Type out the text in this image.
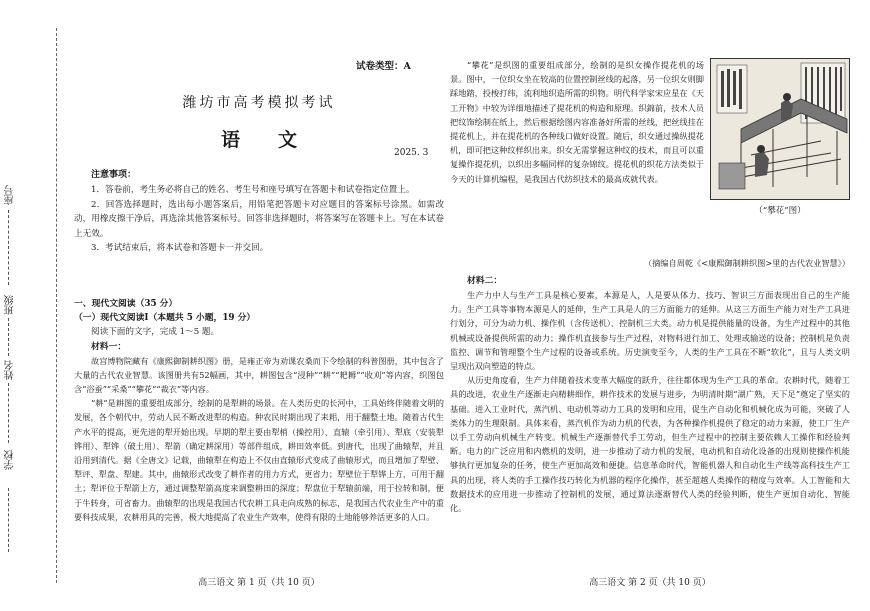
学校
姓名
班级
座号
试卷类型：A
潍坊市高考模拟考试
语　　文
2025. 3
注意事项：

1．答卷前，考生务必将自己的姓名、考生号和座号填写在答题卡和试卷指定位置上。

2．回答选择题时，选出每小题答案后，用铅笔把答题卡对应题目的答案标号涂黑。如需改动，用橡皮擦干净后，再选涂其他答案标号。回答非选择题时，将答案写在答题卡上。写在本试卷上无效。

3．考试结束后，将本试卷和答题卡一并交回。

一、现代文阅读（35 分）
（一）现代文阅读Ⅰ（本题共 5 小题，19 分）

阅读下面的文字，完成 1～5 题。

材料一：

故宫博物院藏有《康熙御制耕织图》册，是雍正帝为劝课农桑而下令绘制的科普图册，其中包含了大量的古代农业智慧。该图册共有52幅画，其中，耕图包含“浸种”“耕”“耙耨”“收刈”等内容，织图包含“浴蚕”“采桑”“攀花”“裁衣”等内容。

“耕”是耕图的重要组成部分，绘制的是犁耕的场景。在人类历史的长河中，工具始终伴随着文明的发展，各个朝代中，劳动人民不断改进犁的构造。种农民时期出现了耒耜，用于翻整土地。随着古代生产水平的提高，更先进的犁开始出现。早期的犁主要由犁梢（操控用）、直辕（牵引用）、犁底（安装犁铧用）、犁铧（破土用）、犁箭（确定耕深用）等部件组成，耕田效率低。到唐代，出现了曲辕犁，并且沿用到清代。据《全唐文》记载，曲辕犁在构造上不仅由直辕形式变成了曲辕形式，而且增加了犁壁、犁评、犁盘、犁建。其中，曲辕形式改变了耕作者的用力方式，更省力；犁壁位于犁铧上方，可用于翻土；犁评位于犁箭上方，通过调整犁箭高度来调整耕田的深度；犁盘位于犁辕前端，用于拉转和制，便于牛转身，可省畜力。曲辕犁的出现是我国古代农耕工具走向成熟的标志，是我国古代农业生产中的重要科技成果，农耕用具的完善，极大地提高了农业生产效率，使得有限的土地能够养活更多的人口。

高三语文 第 1 页（共 10 页）
（“攀花”图）

“攀花”是织图的重要组成部分，绘制的是织女操作提花机的场景。图中，一位织女坐在较高的位置控制丝线的起落，另一位织女则脚踩地踏，投梭打纬，流利地织造所需的织物。明代科学家宋应星在《天工开物》中较为详细地描述了提花机的构造和原理。织錦前，技术人员把纹饰绘制在纸上，然后根据绘图内容准备好所需的丝线，把丝线挂在提花机上，并在提花机的各种线口做好设置。随后，织女通过操纵提花机，即可把这种纹样织出来。织女无需掌握这种纹的技术，而且可以重复操作提花机，以织出多幅同样的复杂锦纹。提花机的织花方法类似于今天的计算机编程，是我国古代纺织技术的最高成就代表。

（摘编自周乾《<康熙御制耕织图>里的古代农业智慧》）
材料二：

生产力中人与生产工具是核心要素，本源是人，人是要从体力、技巧、智识三方面表现出自己的生产能力。生产工具等事物本源是人的延伸，生产工具是人的三方面能力的延伸。从这三方面生产能力对生产工具进行划分，可分为动力机、操作机（含传送机）、控制机三大类。动力机是提供能量的设备，为生产过程中的其他机械或设备提供所需的动力；操作机直接参与生产过程，对物料进行加工、处理或输送的设备；控制机是负责监控、调节和管理整个生产过程的设备或系统。历史演变至今，人类的生产工具在不断“软化”，且与人类文明呈现出双向塑造的特点。

从历史角度看，生产力伴随着技术变革大幅度的跃升，往往都体现为生产工具的革命。农耕时代，随着工具的改进，农业生产逐渐走向精耕细作，耕作技术的发展与进步，为明清时期“湖广熟，天下足”奠定了坚实的基础。进入工业时代，蒸汽机、电动机等动力工具的发明和应用，促生产自动化和机械化成为可能，突破了人类体力的生理限制。具体来看，蒸汽机作为动力机的代表，为各种操作机提供了稳定的动力来源，使工厂生产以手工劳动向机械生产转变。机械生产逐渐替代手工劳动，但生产过程中的控制主要依赖人工操作和经验判断。电力的广泛应用和内燃机的发明，进一步推动了动力机的发展，电动机和自动化设备的出现则使操作机能够执行更加复杂的任务，使生产更加高效和便捷。信息革命时代，智能机器人和自动化生产线等高科技生产工具的出现，将人类的手工操作技巧转化为机器的程序化操作，甚至超越人类操作的精度与效率。人工智能和大数据技术的应用进一步推动了控制机的发展，通过算法逐渐替代人类的经验判断，使生产更加自动化、智能化。

高三语文 第 2 页（共 10 页）
